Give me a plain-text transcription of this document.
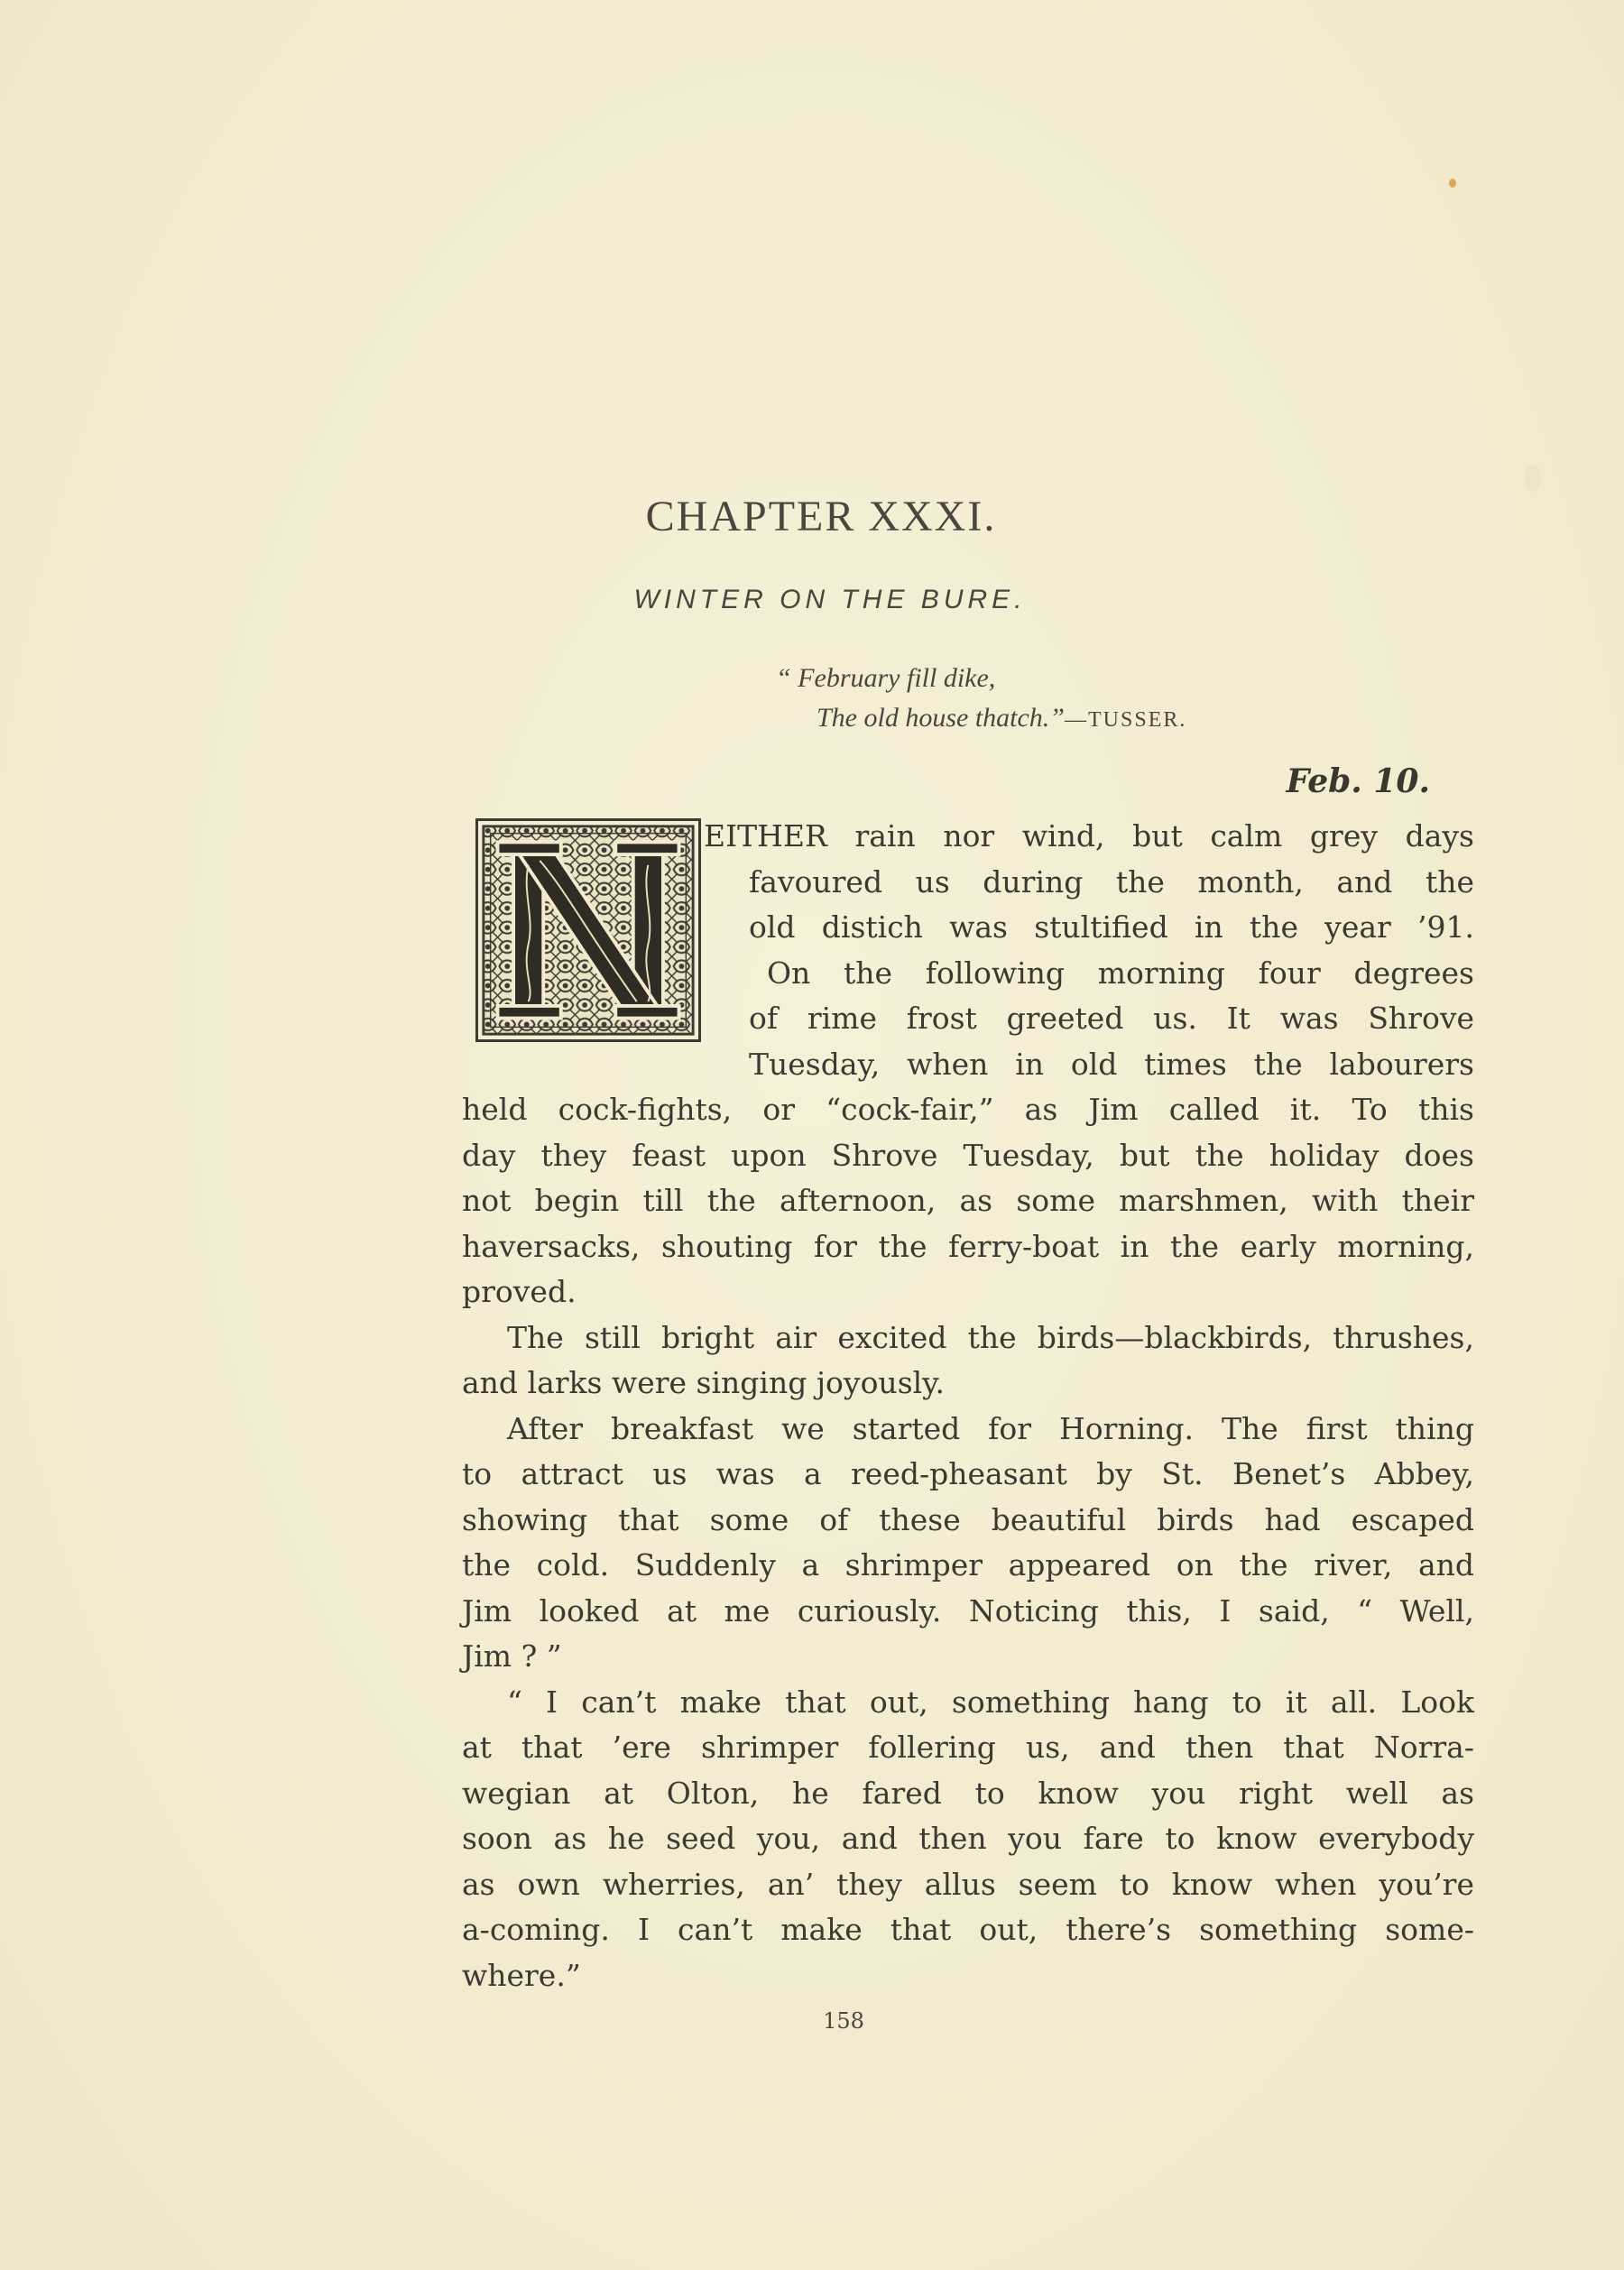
CHAPTER XXXI.
WINTER ON THE BURE.
“ February fill dike,
The old house thatch.”—TUSSER.
Feb. 10.
EITHER rain nor wind, but calm grey days
favoured us during the month, and the
old distich was stultified in the year ’91.
On the following morning four degrees
of rime frost greeted us. It was Shrove
Tuesday, when in old times the labourers
held cock-fights, or “cock-fair,” as Jim called it. To this
day they feast upon Shrove Tuesday, but the holiday does
not begin till the afternoon, as some marshmen, with their
haversacks, shouting for the ferry-boat in the early morning,
proved.
The still bright air excited the birds—blackbirds, thrushes,
and larks were singing joyously.
After breakfast we started for Horning. The first thing
to attract us was a reed-pheasant by St. Benet’s Abbey,
showing that some of these beautiful birds had escaped
the cold. Suddenly a shrimper appeared on the river, and
Jim looked at me curiously. Noticing this, I said, “ Well,
Jim ? ”
“ I can’t make that out, something hang to it all. Look
at that ’ere shrimper follering us, and then that Norra-
wegian at Olton, he fared to know you right well as
soon as he seed you, and then you fare to know everybody
as own wherries, an’ they allus seem to know when you’re
a-coming. I can’t make that out, there’s something some-
where.”
158
